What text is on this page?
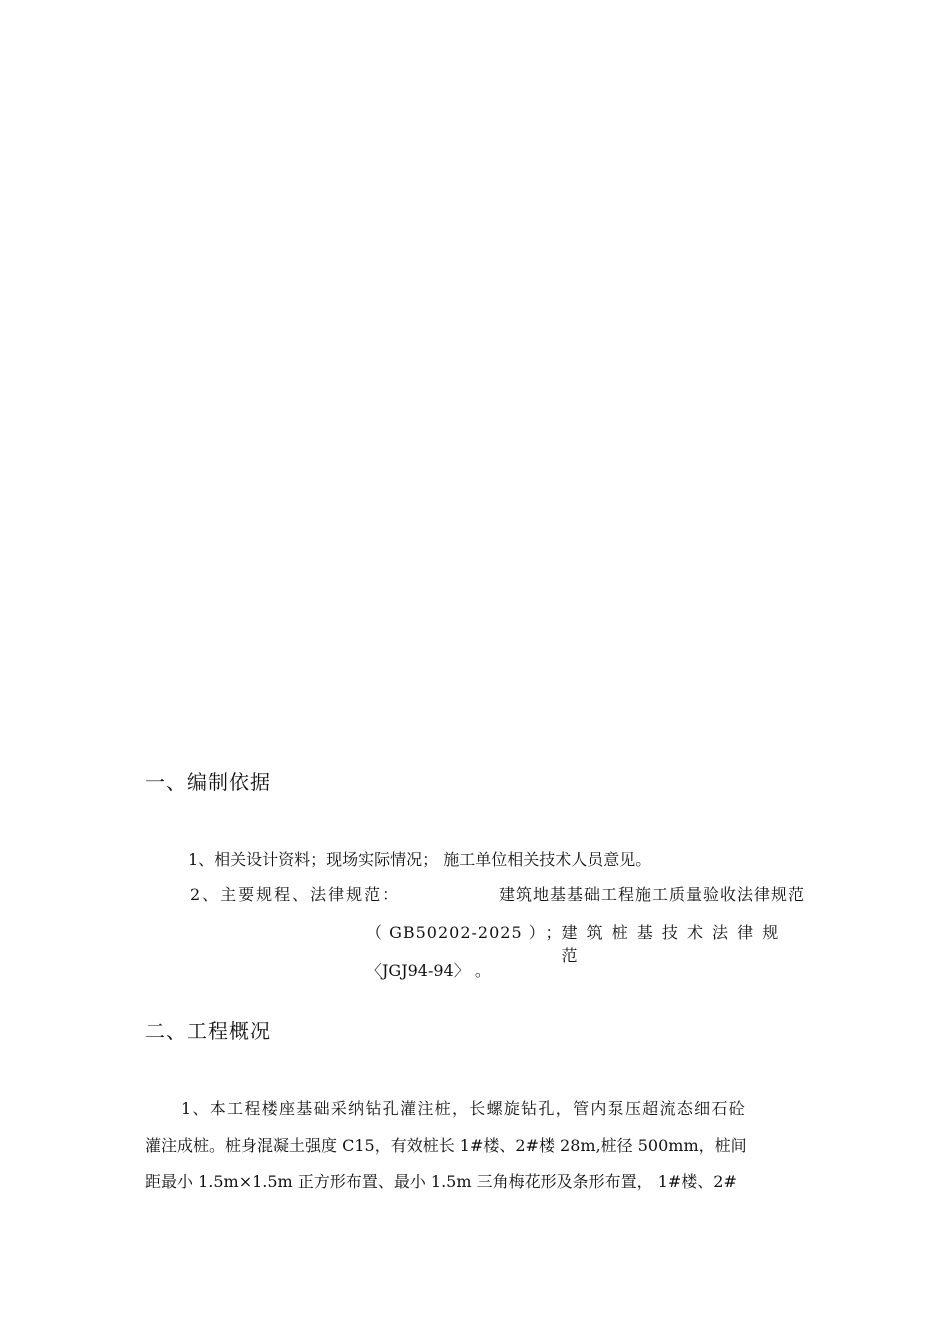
一、编制依据
1、相关设计资料；现场实际情况； 施工单位相关技术人员意见。
2、主要规程、法律规范：	建筑地基基础工程施工质量验收法律规范
（ GB50202-2025 ） ； 建 筑 桩 基 技 术 法 律 规 范
〈JGJ94-94〉 。
二、工程概况
1、本工程楼座基础采纳钻孔灌注桩，长螺旋钻孔，管内泵压超流态细石砼
灌注成桩。桩身混凝土强度 C15，有效桩长 1#楼、2#楼 28m,桩径 500mm，桩间
距最小 1.5m×1.5m 正方形布置、最小 1.5m 三角梅花形及条形布置， 1#楼、2#
